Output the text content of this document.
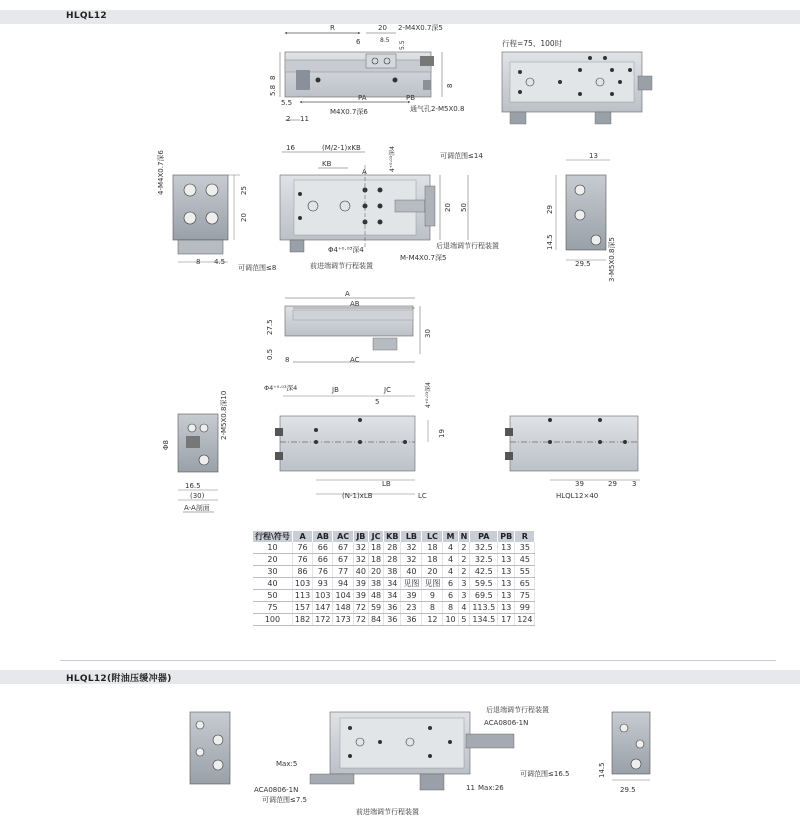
HLQL12
HLQL12(附油压缓冲器)
R	20 2-M4X0.7深5
6	8.5 5.5
8
5.8
PA	PB
8
5.5
2 11
M4X0.7深6	通气孔2-M5X0.8
行程=75、100时
4-M4X0.7深6	25
20
8 4.5
可调范围≤8
16	(M/2-1)xKB
KB
A
可调范围≤14
4⁺⁰·⁰³深4
20 50
Φ4⁺⁰·⁰³深4
前进端调节行程装置
M-M4X0.7深5
后退端调节行程装置
13
29
14.5
29.5 3-M5X0.8深5
A
AB
27.5	30
0.5 8	AC
Φ4⁺⁰·⁰³深4	JB	JC
5	4⁺⁰·⁰³深4
19
LB
(N-1)xLB	LC
2-M5X0.8深10
Φ8
16.5
(30)
A-A剖面
39	29 3
HLQL12×40
后退端调节行程装置
ACA0806-1N
Max:5
可调范围≤16.5
ACA0806-1N
可调范围≤7.5
11 Max:26
前进端调节行程装置
14.5
29.5
行程\符号	A	AB	AC	JB	JC	KB	LB	LC	M	N	PA	PB	R
10	76	66	67	32	18	28	32	18	4	2	32.5	13	35
20	76	66	67	32	18	28	32	18	4	2	32.5	13	45
30	86	76	77	40	20	38	40	20	4	2	42.5	13	55
40	103	93	94	39	38	34	见图	见图	6	3	59.5	13	65
50	113	103	104	39	48	34	39	9	6	3	69.5	13	75
75	157	147	148	72	59	36	23	8	8	4	113.5	13	99
100	182	172	173	72	84	36	36	12	10	5	134.5	17	124
